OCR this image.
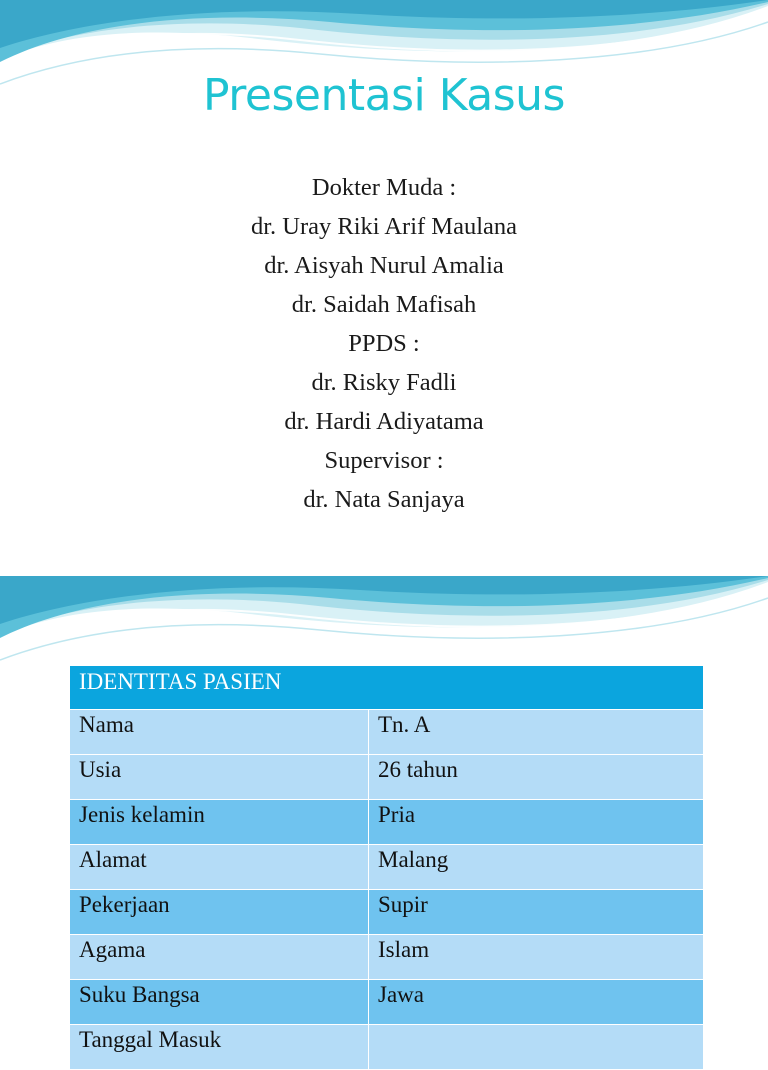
Presentasi Kasus
Dokter Muda :
dr. Uray Riki Arif Maulana
dr. Aisyah Nurul Amalia
dr. Saidah Mafisah
PPDS :
dr. Risky Fadli
dr. Hardi Adiyatama
Supervisor :
dr. Nata Sanjaya
IDENTITAS PASIEN	
Nama	Tn. A
Usia	26 tahun
Jenis kelamin	Pria
Alamat	Malang
Pekerjaan	Supir
Agama	Islam
Suku Bangsa	Jawa
Tanggal Masuk	
